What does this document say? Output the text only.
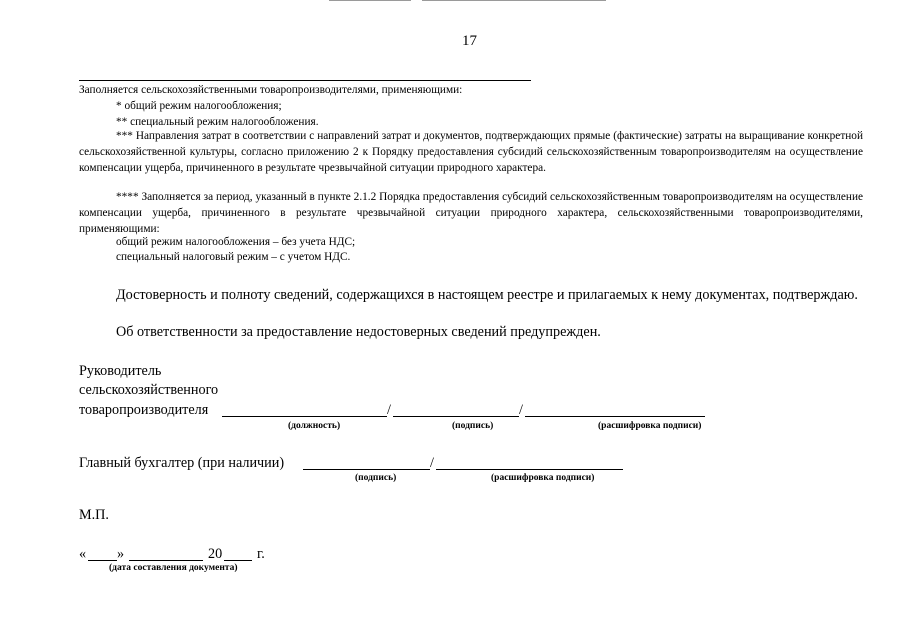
17
Заполняется сельскохозяйственными товаропроизводителями, применяющими:
* общий режим налогообложения;
** специальный режим налогообложения.
*** Направления затрат в соответствии с направлений затрат и документов, подтверждающих прямые (фактические) затраты на выращивание конкретной сельскохозяйственной культуры, согласно приложению 2 к Порядку предоставления субсидий сельскохозяйственным товаропроизводителям на осуществление компенсации ущерба, причиненного в результате чрезвычайной ситуации природного характера.
**** Заполняется за период, указанный в пункте 2.1.2 Порядка предоставления субсидий сельскохозяйственным товаропроизводителям на осуществление компенсации ущерба, причиненного в результате чрезвычайной ситуации природного характера, сельскохозяйственными товаропроизводителями, применяющими:
общий режим налогообложения – без учета НДС;
специальный налоговый режим – с учетом НДС.
Достоверность и полноту сведений, содержащихся в настоящем реестре и прилагаемых к нему документах, подтверждаю.
Об ответственности за предоставление недостоверных сведений предупрежден.
Руководитель
сельскохозяйственного
товаропроизводителя	/	/
(должность)	(подпись)	(расшифровка подписи)
Главный бухгалтер (при наличии)	/
(подпись)	(расшифровка подписи)
М.П.
« »	20 г.
(дата составления документа)
